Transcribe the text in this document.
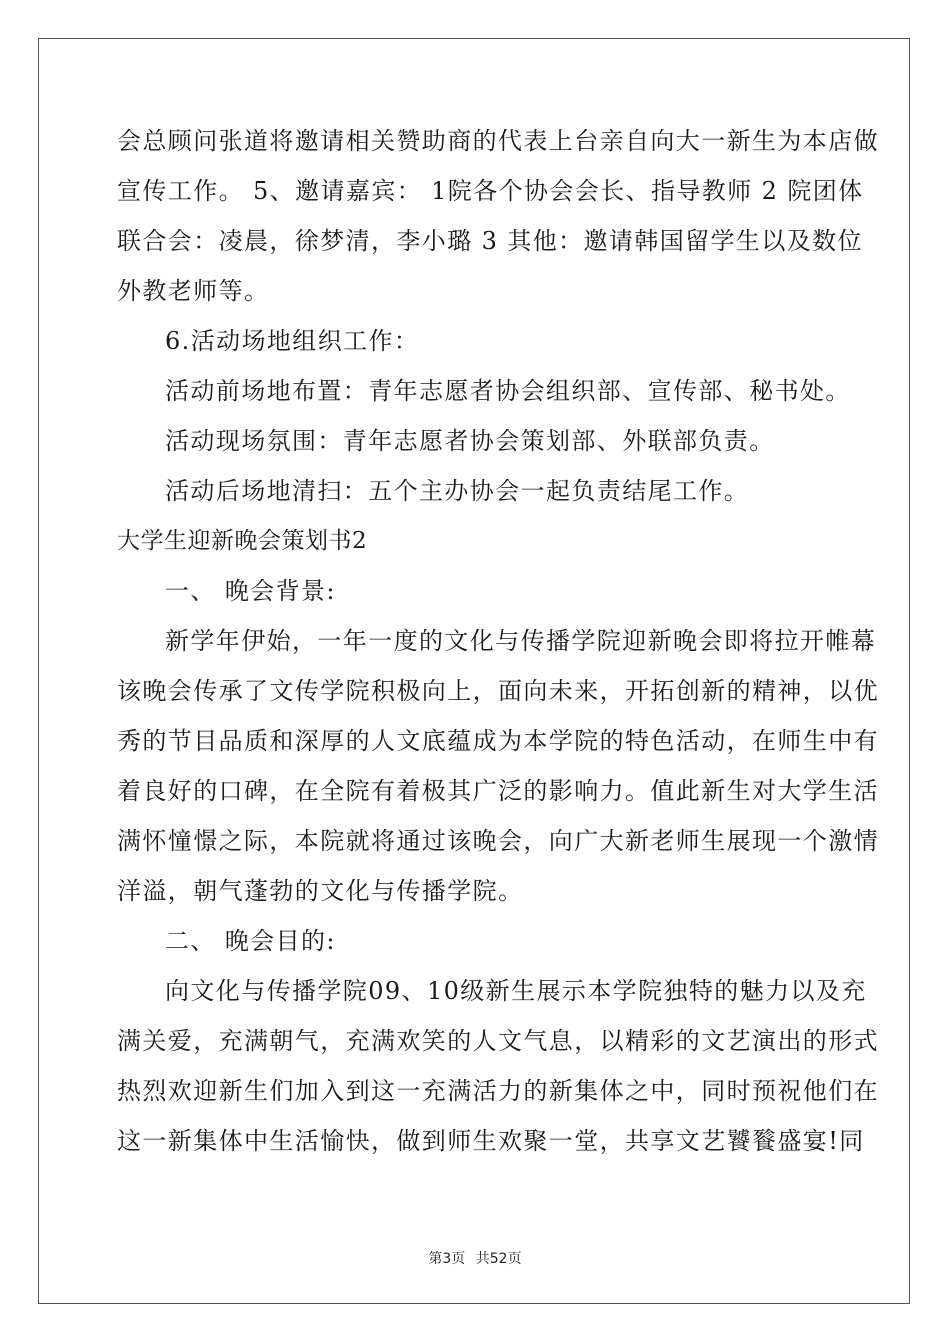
会总顾问张道将邀请相关赞助商的代表上台亲自向大一新生为本店做
宣传工作。 5、邀请嘉宾： 1院各个协会会长、指导教师 2 院团体
联合会：凌晨，徐梦清，李小璐 3 其他：邀请韩国留学生以及数位
外教老师等。
6.活动场地组织工作：
活动前场地布置：青年志愿者协会组织部、宣传部、秘书处。
活动现场氛围：青年志愿者协会策划部、外联部负责。
活动后场地清扫：五个主办协会一起负责结尾工作。
大学生迎新晚会策划书2
一、 晚会背景:
新学年伊始，一年一度的文化与传播学院迎新晚会即将拉开帷幕
该晚会传承了文传学院积极向上，面向未来，开拓创新的精神，以优
秀的节目品质和深厚的人文底蕴成为本学院的特色活动，在师生中有
着良好的口碑，在全院有着极其广泛的影响力。值此新生对大学生活
满怀憧憬之际，本院就将通过该晚会，向广大新老师生展现一个激情
洋溢，朝气蓬勃的文化与传播学院。
二、 晚会目的:
向文化与传播学院09、10级新生展示本学院独特的魅力以及充
满关爱，充满朝气，充满欢笑的人文气息，以精彩的文艺演出的形式
热烈欢迎新生们加入到这一充满活力的新集体之中，同时预祝他们在
这一新集体中生活愉快，做到师生欢聚一堂，共享文艺饕餮盛宴!同
第3页 共52页
